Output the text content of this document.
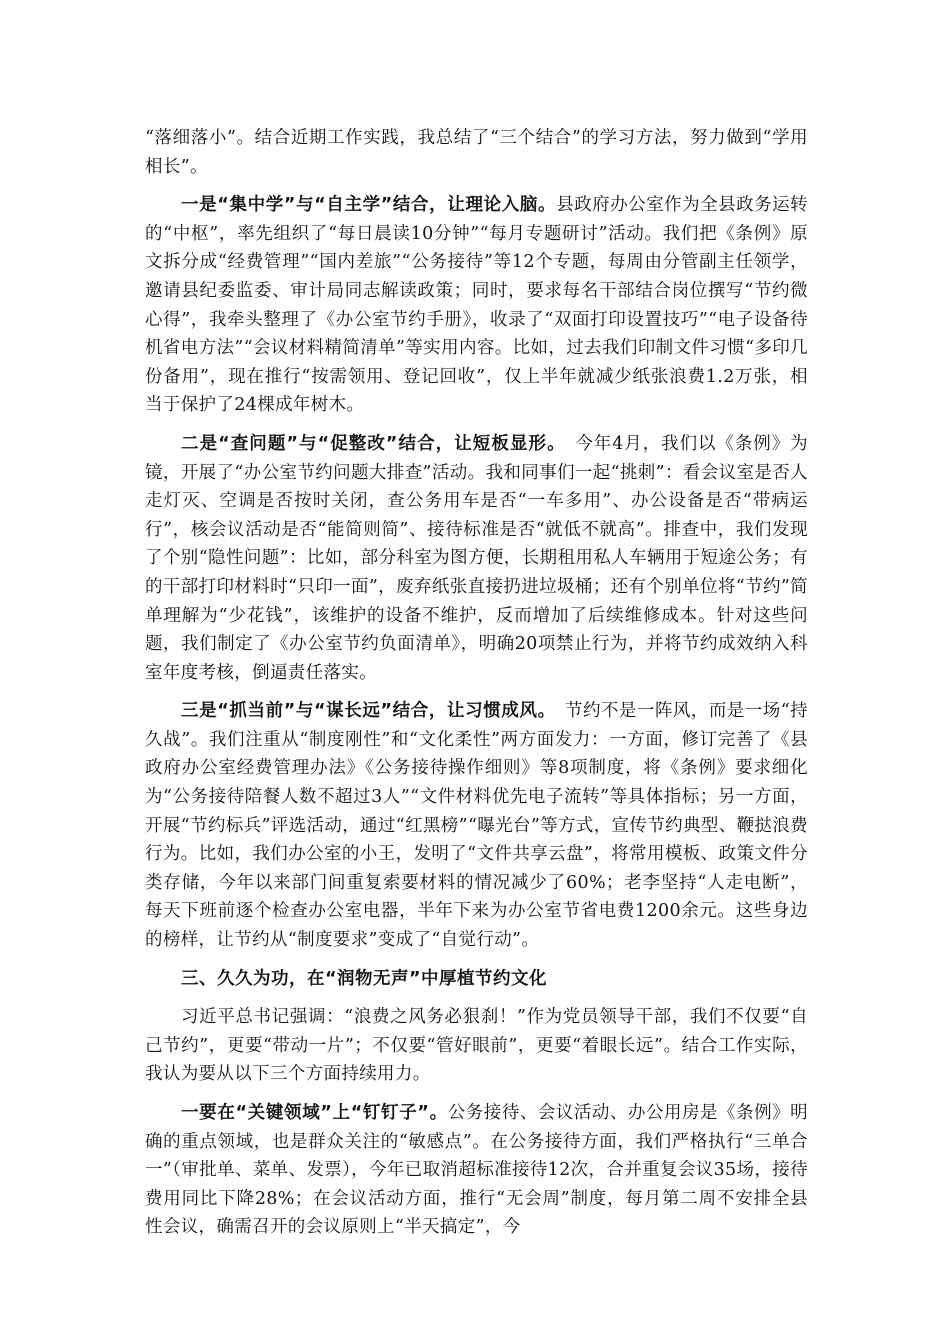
“落细落小”。结合近期工作实践，我总结了“三个结合”的学习方法，努力做到“学用相长”。

一是“集中学”与“自主学”结合，让理论入脑。县政府办公室作为全县政务运转的“中枢”，率先组织了“每日晨读10分钟”“每月专题研讨”活动。我们把《条例》原文拆分成“经费管理”“国内差旅”“公务接待”等12个专题，每周由分管副主任领学，邀请县纪委监委、审计局同志解读政策；同时，要求每名干部结合岗位撰写“节约微心得”，我牵头整理了《办公室节约手册》，收录了“双面打印设置技巧”“电子设备待机省电方法”“会议材料精简清单”等实用内容。比如，过去我们印制文件习惯“多印几份备用”，现在推行“按需领用、登记回收”，仅上半年就减少纸张浪费1.2万张，相当于保护了24棵成年树木。

二是“查问题”与“促整改”结合，让短板显形。　今年4月，我们以《条例》为镜，开展了“办公室节约问题大排查”活动。我和同事们一起“挑刺”：看会议室是否人走灯灭、空调是否按时关闭，查公务用车是否“一车多用”、办公设备是否“带病运行”，核会议活动是否“能简则简”、接待标准是否“就低不就高”。排查中，我们发现了个别“隐性问题”：比如，部分科室为图方便，长期租用私人车辆用于短途公务；有的干部打印材料时“只印一面”，废弃纸张直接扔进垃圾桶；还有个别单位将“节约”简单理解为“少花钱”，该维护的设备不维护，反而增加了后续维修成本。针对这些问题，我们制定了《办公室节约负面清单》，明确20项禁止行为，并将节约成效纳入科室年度考核，倒逼责任落实。

三是“抓当前”与“谋长远”结合，让习惯成风。　节约不是一阵风，而是一场“持久战”。我们注重从“制度刚性”和“文化柔性”两方面发力：一方面，修订完善了《县政府办公室经费管理办法》《公务接待操作细则》等8项制度，将《条例》要求细化为“公务接待陪餐人数不超过3人”“文件材料优先电子流转”等具体指标；另一方面，开展“节约标兵”评选活动，通过“红黑榜”“曝光台”等方式，宣传节约典型、鞭挞浪费行为。比如，我们办公室的小王，发明了“文件共享云盘”，将常用模板、政策文件分类存储，今年以来部门间重复索要材料的情况减少了60%；老李坚持“人走电断”，每天下班前逐个检查办公室电器，半年下来为办公室节省电费1200余元。这些身边的榜样，让节约从“制度要求”变成了“自觉行动”。

三、久久为功，在“润物无声”中厚植节约文化

习近平总书记强调：“浪费之风务必狠刹！”作为党员领导干部，我们不仅要“自己节约”，更要“带动一片”；不仅要“管好眼前”，更要“着眼长远”。结合工作实际，我认为要从以下三个方面持续用力。

一要在“关键领域”上“钉钉子”。公务接待、会议活动、办公用房是《条例》明确的重点领域，也是群众关注的“敏感点”。在公务接待方面，我们严格执行“三单合一”（审批单、菜单、发票），今年已取消超标准接待12次，合并重复会议35场，接待费用同比下降28%；在会议活动方面，推行“无会周”制度，每月第二周不安排全县性会议，确需召开的会议原则上“半天搞定”，今
